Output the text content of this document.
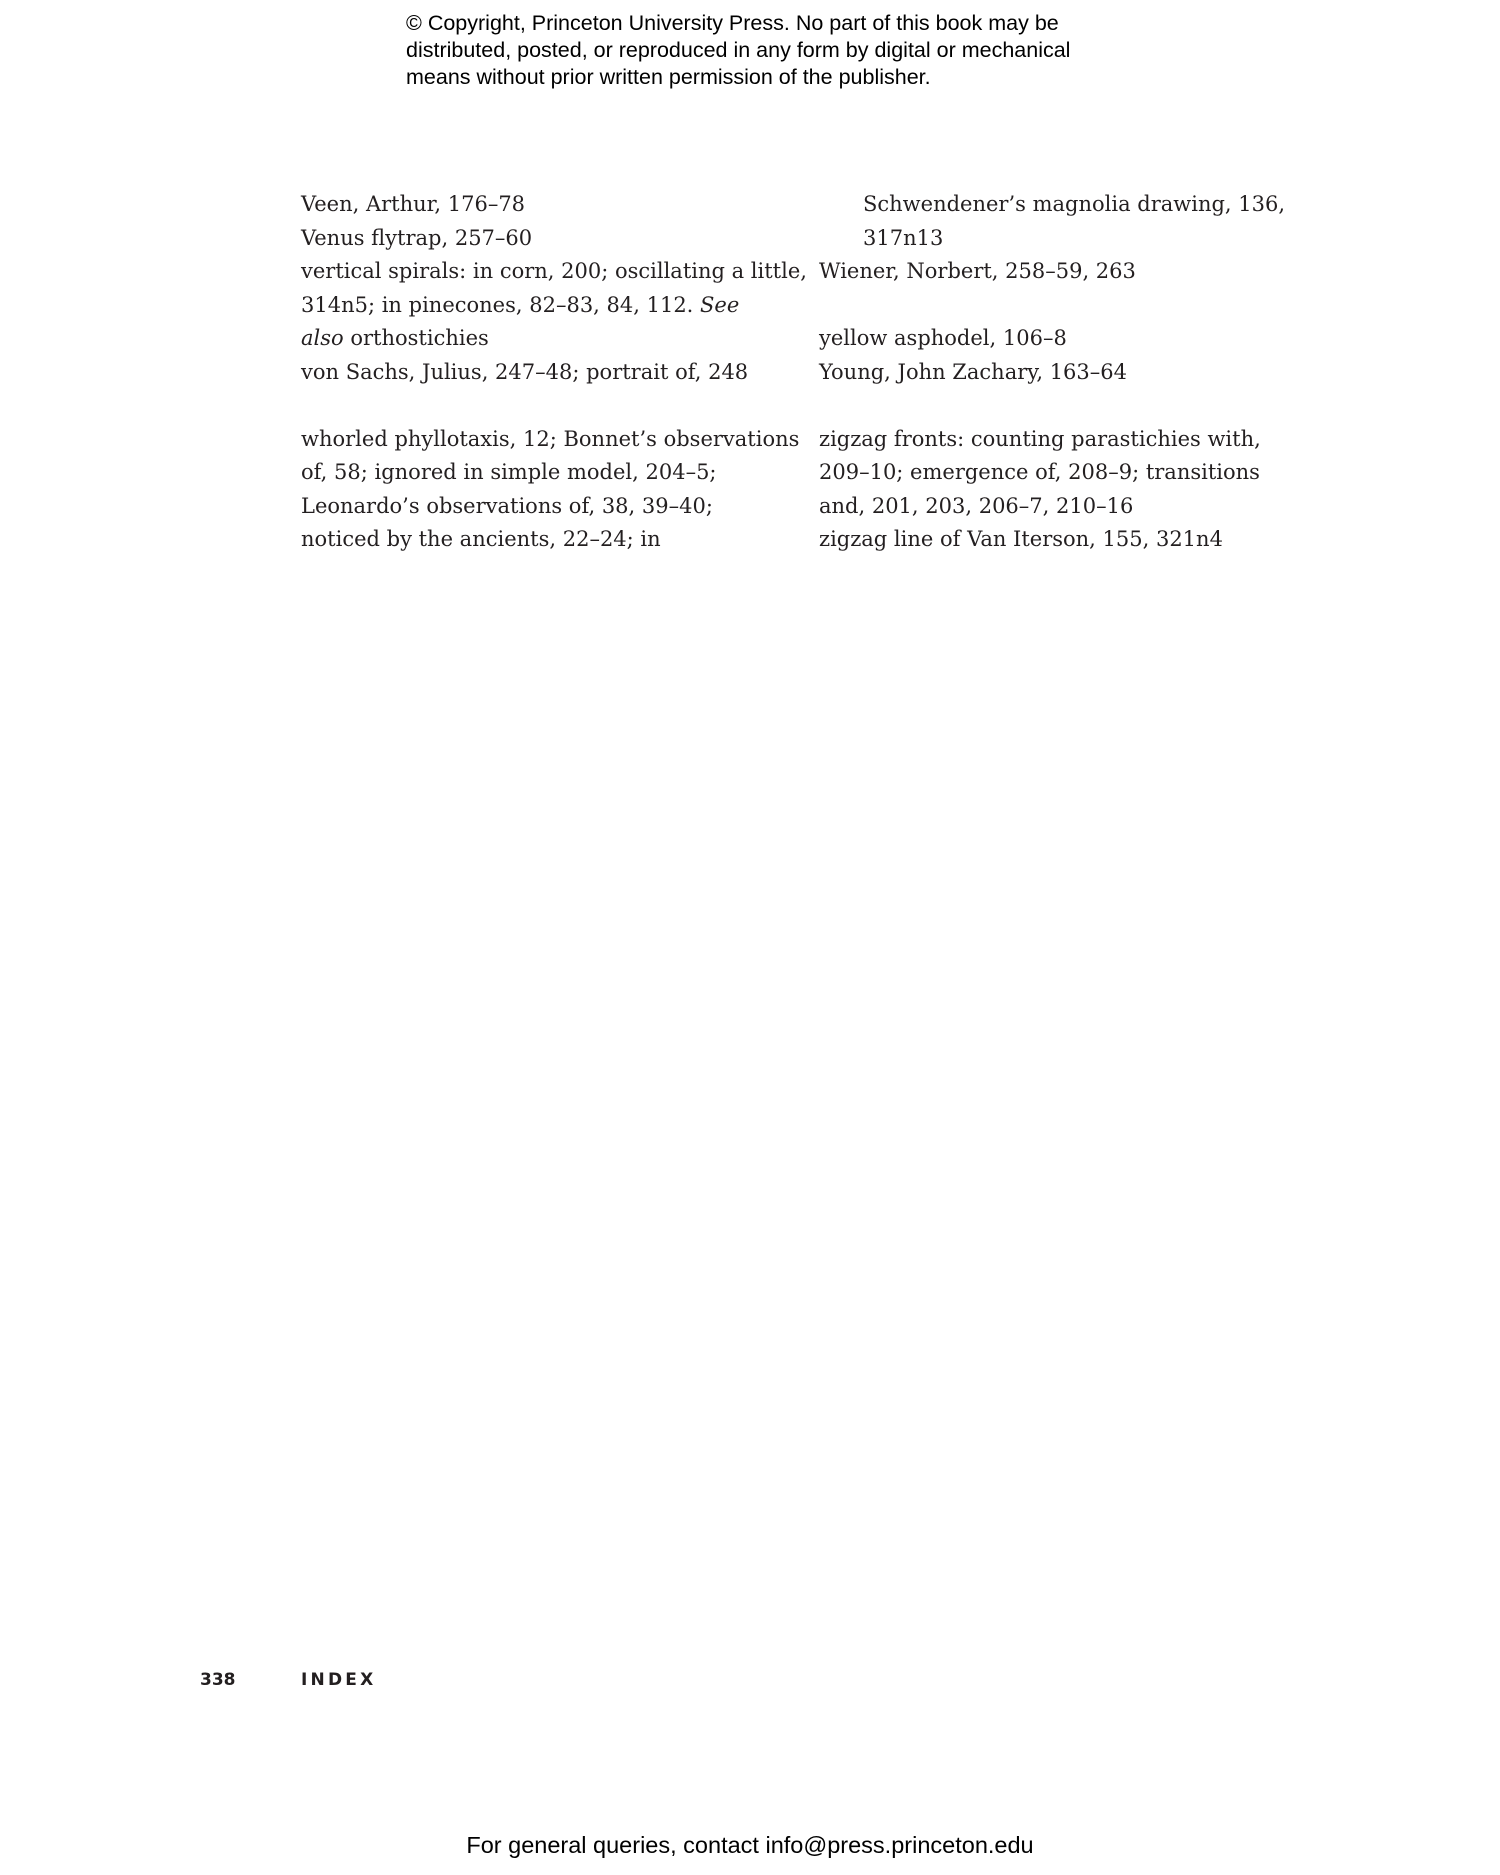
© Copyright, Princeton University Press. No part of this book may be
distributed, posted, or reproduced in any form by digital or mechanical
means without prior written permission of the publisher.

Veen, Arthur, 176–78

Venus flytrap, 257–60

vertical spirals: in corn, 200; oscillating a little,
314n5; in pinecones, 82–83, 84, 112. See
also orthostichies

von Sachs, Julius, 247–48; portrait of, 248

whorled phyllotaxis, 12; Bonnet’s observations
of, 58; ignored in simple model, 204–5;
Leonardo’s observations of, 38, 39–40;
noticed by the ancients, 22–24; in

Schwendener’s magnolia drawing, 136,
317n13

Wiener, Norbert, 258–59, 263

yellow asphodel, 106–8

Young, John Zachary, 163–64

zigzag fronts: counting parastichies with,
209–10; emergence of, 208–9; transitions
and, 201, 203, 206–7, 210–16

zigzag line of Van Iterson, 155, 321n4

338	INDEX
For general queries, contact info@press.princeton.edu
